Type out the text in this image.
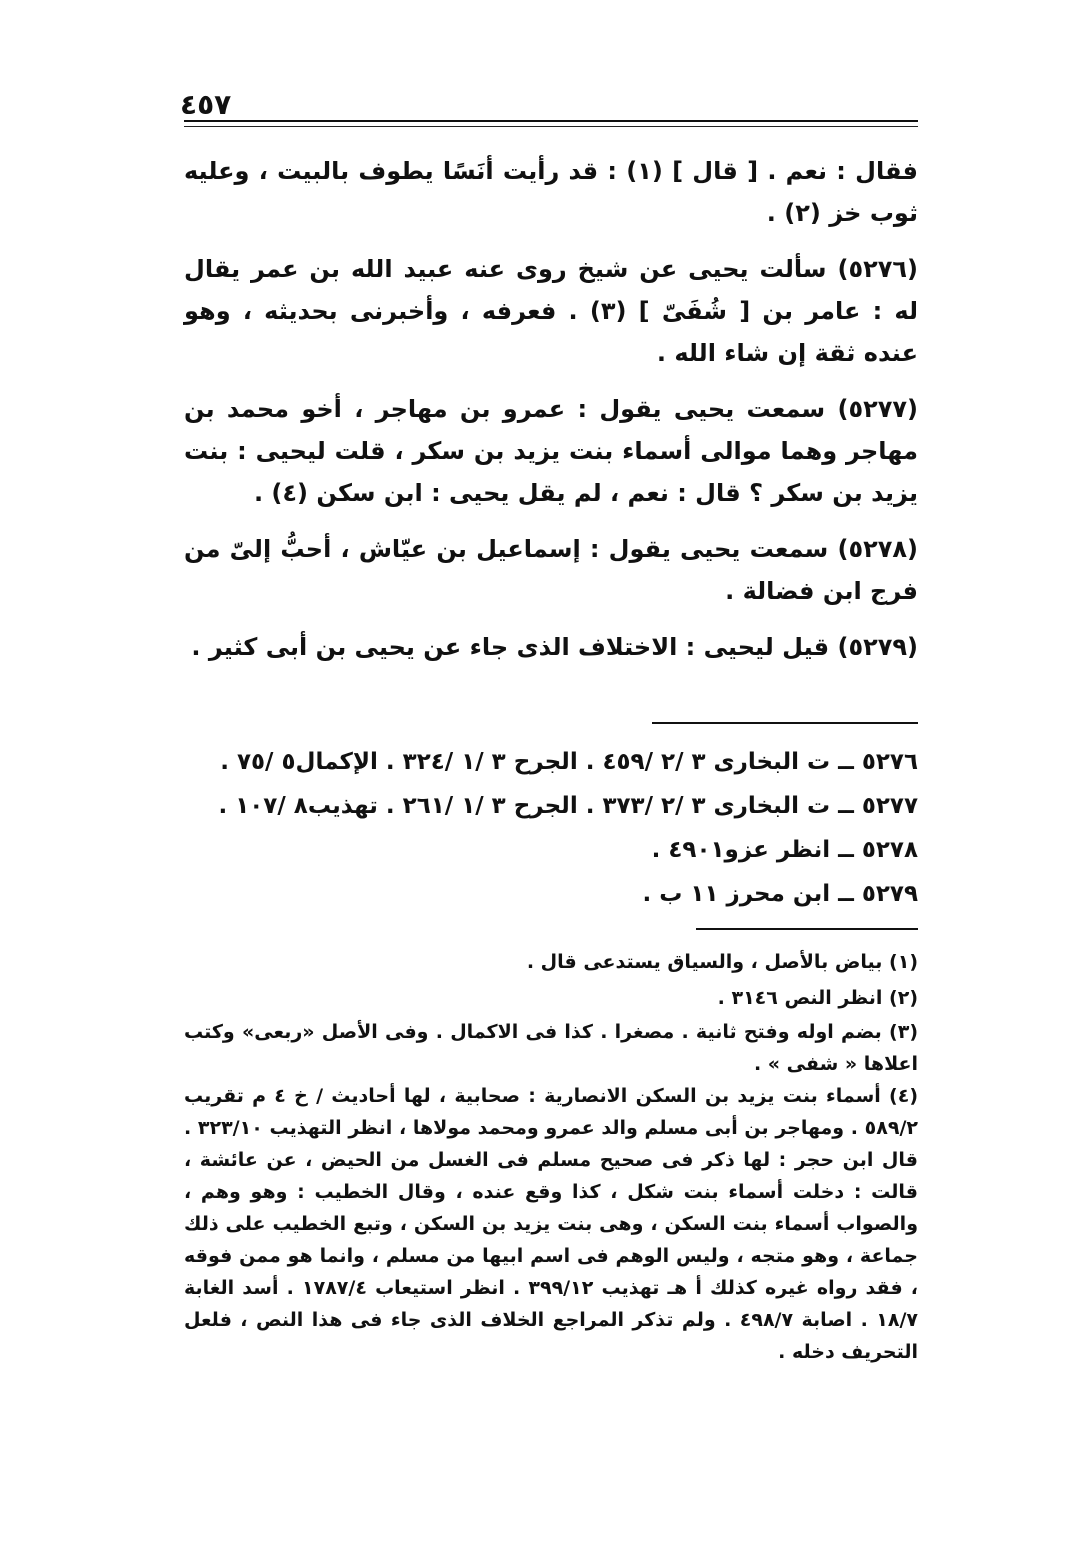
٤٥٧

فقال : نعم . [ قال ] (١) : قد رأيت أنَسًا يطوف بالبيت ، وعليه ثوب خز (٢) .

(٥٢٧٦) سألت يحيى عن شيخ روى عنه عبيد الله بن عمر يقال له : عامر بن [ شُفَىّ ] (٣) . فعرفه ، وأخبرنى بحديثه ، وهو عنده ثقة إن شاء الله .

(٥٢٧٧) سمعت يحيى يقول : عمرو بن مهاجر ، أخو محمد بن مهاجر وهما موالى أسماء بنت يزيد بن سكر ، قلت ليحيى : بنت يزيد بن سكر ؟ قال : نعم ، لم يقل يحيى : ابن سكن (٤) .

(٥٢٧٨) سمعت يحيى يقول : إسماعيل بن عيّاش ، أحبُّ إلىّ من فرج ابن فضالة .

(٥٢٧٩) قيل ليحيى : الاختلاف الذى جاء عن يحيى بن أبى كثير .

٥٢٧٦ ــ ت البخارى ٣ /٢ /٤٥٩ . الجرح ٣ /١ /٣٢٤ . الإكمال٥ /٧٥ .
٥٢٧٧ ــ ت البخارى ٣ /٢ /٣٧٣ . الجرح ٣ /١ /٢٦١ . تهذيب٨ /١٠٧ .
٥٢٧٨ ــ انظر عزو٤٩٠١ .
٥٢٧٩ ــ ابن محرز ١١ ب .

(١) بياض بالأصل ، والسياق يستدعى قال .

(٢) انظر النص ٣١٤٦ .

(٣) بضم اوله وفتح ثانية . مصغرا . كذا فى الاكمال . وفى الأصل «ربعى» وكتب اعلاها « شفى » .

(٤) أسماء بنت يزيد بن السكن الانصارية : صحابية ، لها أحاديث / خ ٤ م تقريب ٥٨٩/٢ . ومهاجر بن أبى مسلم والد عمرو ومحمد مولاها ، انظر التهذيب ٣٢٣/١٠ . قال ابن حجر : لها ذكر فى صحيح مسلم فى الغسل من الحيض ، عن عائشة ، قالت : دخلت أسماء بنت شكل ، كذا وقع عنده ، وقال الخطيب : وهو وهم ، والصواب أسماء بنت السكن ، وهى بنت يزيد بن السكن ، وتبع الخطيب على ذلك جماعة ، وهو متجه ، وليس الوهم فى اسم ابيها من مسلم ، وانما هو ممن فوقه ، فقد رواه غيره كذلك أ هـ تهذيب ٣٩٩/١٢ . انظر استيعاب ١٧٨٧/٤ . أسد الغابة ١٨/٧ . اصابة ٤٩٨/٧ . ولم تذكر المراجع الخلاف الذى جاء فى هذا النص ، فلعل التحريف دخله .
